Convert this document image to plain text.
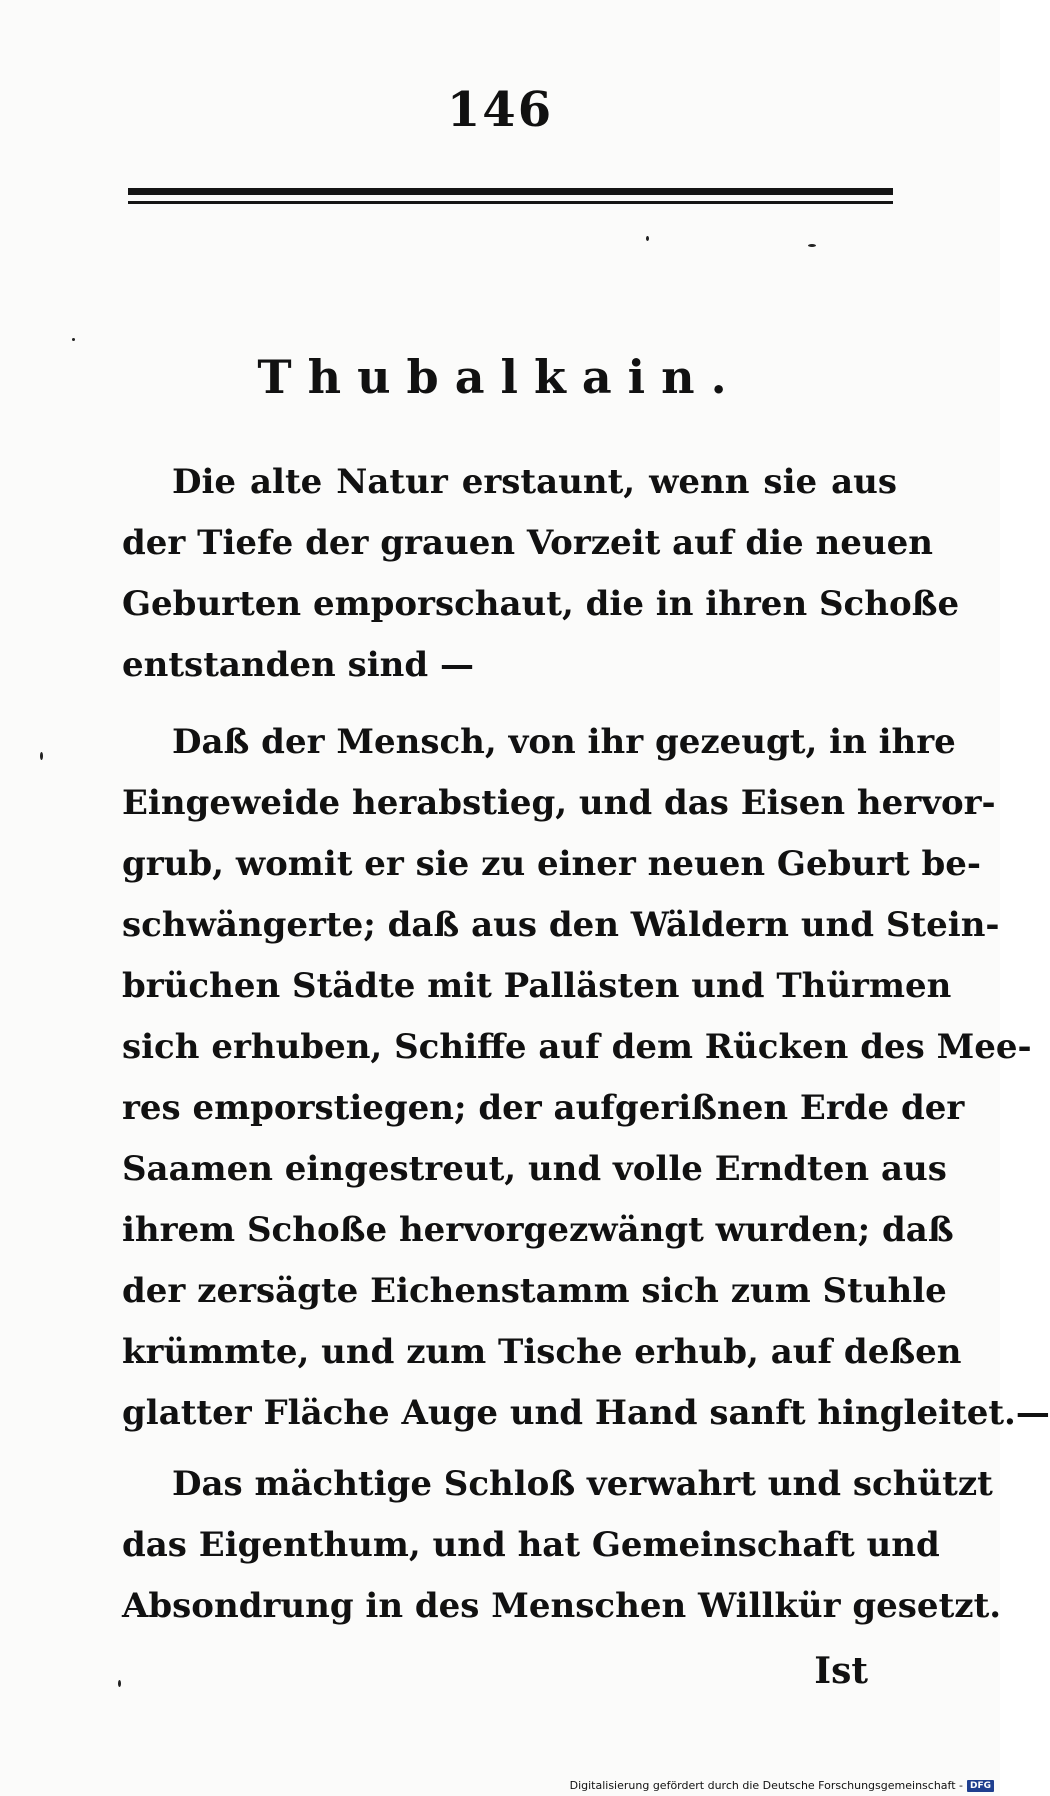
146
Thubalkain.
Die alte Natur erstaunt, wenn sie aus
der Tiefe der grauen Vorzeit auf die neuen
Geburten emporschaut, die in ihren Schoße
entstanden sind —
Daß der Mensch, von ihr gezeugt, in ihre
Eingeweide herabstieg, und das Eisen hervor-
grub, womit er sie zu einer neuen Geburt be-
schwängerte; daß aus den Wäldern und Stein-
brüchen Städte mit Pallästen und Thürmen
sich erhuben, Schiffe auf dem Rücken des Mee-
res emporstiegen; der aufgerißnen Erde der
Saamen eingestreut, und volle Erndten aus
ihrem Schoße hervorgezwängt wurden; daß
der zersägte Eichenstamm sich zum Stuhle
krümmte, und zum Tische erhub, auf deßen
glatter Fläche Auge und Hand sanft hingleitet.—
Das mächtige Schloß verwahrt und schützt
das Eigenthum, und hat Gemeinschaft und
Absondrung in des Menschen Willkür gesetzt.
Ist
Digitalisierung gefördert durch die Deutsche Forschungsgemeinschaft - DFG
